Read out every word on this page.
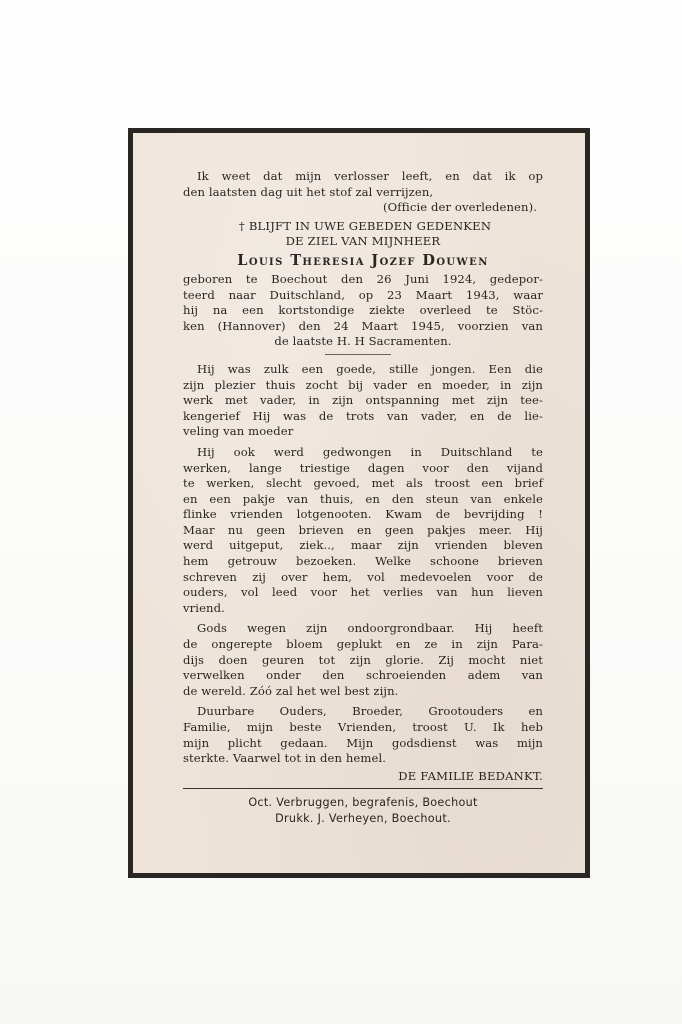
Ik weet dat mijn verlosser leeft, en dat ik op
den laatsten dag uit het stof zal verrijzen,
(Officie der overledenen).
† BLIJFT IN UWE GEBEDEN GEDENKEN
DE ZIEL VAN MIJNHEER
Louis Theresia Jozef Douwen
geboren te Boechout den 26 Juni 1924, gedepor-
teerd naar Duitschland, op 23 Maart 1943, waar
hij na een kortstondige ziekte overleed te Stöc-
ken (Hannover) den 24 Maart 1945, voorzien van
de laatste H. H Sacramenten.
Hij was zulk een goede, stille jongen. Een die
zijn plezier thuis zocht bij vader en moeder, in zijn
werk met vader, in zijn ontspanning met zijn tee-
kengerief Hij was de trots van vader, en de lie-
veling van moeder
Hij ook werd gedwongen in Duitschland te
werken, lange triestige dagen voor den vijand
te werken, slecht gevoed, met als troost een brief
en een pakje van thuis, en den steun van enkele
flinke vrienden lotgenooten. Kwam de bevrijding !
Maar nu geen brieven en geen pakjes meer. Hij
werd uitgeput, ziek.., maar zijn vrienden bleven
hem getrouw bezoeken. Welke schoone brieven
schreven zij over hem, vol medevoelen voor de
ouders, vol leed voor het verlies van hun lieven
vriend.
Gods wegen zijn ondoorgrondbaar. Hij heeft
de ongerepte bloem geplukt en ze in zijn Para-
dijs doen geuren tot zijn glorie. Zij mocht niet
verwelken onder den schroeienden adem van
de wereld. Zóó zal het wel best zijn.
Duurbare Ouders, Broeder, Grootouders en
Familie, mijn beste Vrienden, troost U. Ik heb
mijn plicht gedaan. Mijn godsdienst was mijn
sterkte. Vaarwel tot in den hemel.
DE FAMILIE BEDANKT.
Oct. Verbruggen, begrafenis, Boechout
Drukk. J. Verheyen, Boechout.
